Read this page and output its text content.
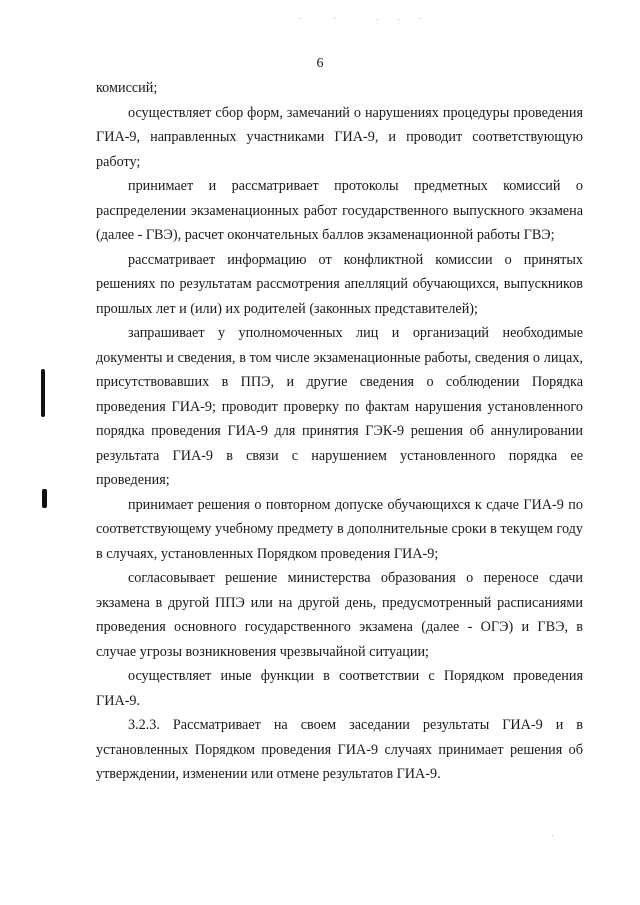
6

комиссий;

осуществляет сбор форм, замечаний о нарушениях процедуры проведения ГИА-9, направленных участниками ГИА-9, и проводит соответствующую работу;

принимает и рассматривает протоколы предметных комиссий о распределении экзаменационных работ государственного выпускного экзамена (далее - ГВЭ), расчет окончательных баллов экзаменационной работы ГВЭ;

рассматривает информацию от конфликтной комиссии о принятых решениях по результатам рассмотрения апелляций обучающихся, выпускников прошлых лет и (или) их родителей (законных представителей);

запрашивает у уполномоченных лиц и организаций необходимые документы и сведения, в том числе экзаменационные работы, сведения о лицах, присутствовавших в ППЭ, и другие сведения о соблюдении Порядка проведения ГИА-9; проводит проверку по фактам нарушения установленного порядка проведения ГИА-9 для принятия ГЭК-9 решения об аннулировании результата ГИА-9 в связи с нарушением установленного порядка ее проведения;

принимает решения о повторном допуске обучающихся к сдаче ГИА-9 по соответствующему учебному предмету в дополнительные сроки в текущем году в случаях, установленных Порядком проведения ГИА-9;

согласовывает решение министерства образования о переносе сдачи экзамена в другой ППЭ или на другой день, предусмотренный расписаниями проведения основного государственного экзамена (далее - ОГЭ) и ГВЭ, в случае угрозы возникновения чрезвычайной ситуации;

осуществляет иные функции в соответствии с Порядком проведения ГИА-9.

3.2.3. Рассматривает на своем заседании результаты ГИА-9 и в установленных Порядком проведения ГИА-9 случаях принимает решения об утверждении, изменении или отмене результатов ГИА-9.
